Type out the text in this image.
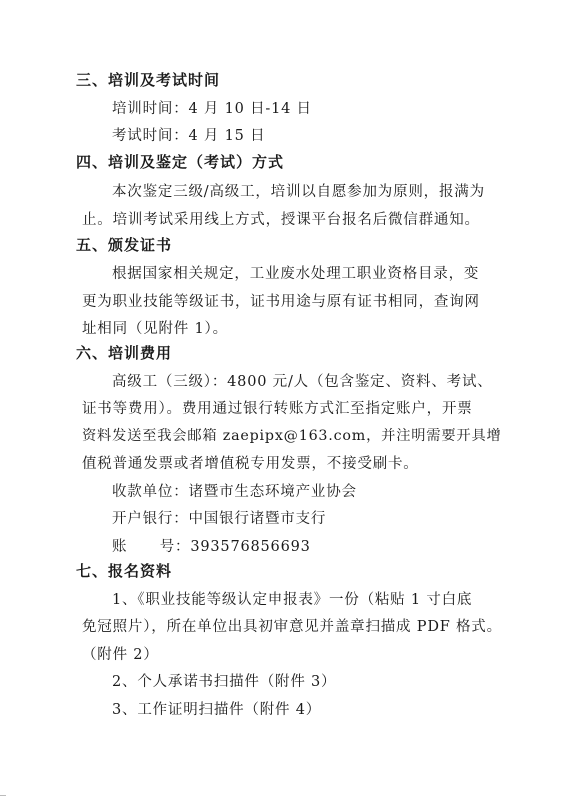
三、培训及考试时间
培训时间：4 月 10 日-14 日
考试时间：4 月 15 日
四、培训及鉴定（考试）方式
本次鉴定三级/高级工，培训以自愿参加为原则，报满为
止。培训考试采用线上方式，授课平台报名后微信群通知。
五、颁发证书
根据国家相关规定，工业废水处理工职业资格目录，变
更为职业技能等级证书，证书用途与原有证书相同，查询网
址相同（见附件 1）。
六、培训费用
高级工（三级）：4800 元/人（包含鉴定、资料、考试、
证书等费用）。费用通过银行转账方式汇至指定账户，开票
资料发送至我会邮箱 zaepipx@163.com，并注明需要开具增
值税普通发票或者增值税专用发票，不接受刷卡。
收款单位：诸暨市生态环境产业协会
开户银行：中国银行诸暨市支行
账      号：393576856693
七、报名资料
1、《职业技能等级认定申报表》一份（粘贴 1 寸白底
免冠照片），所在单位出具初审意见并盖章扫描成 PDF 格式。
（附件 2）
2、个人承诺书扫描件（附件 3）
3、工作证明扫描件（附件 4）
